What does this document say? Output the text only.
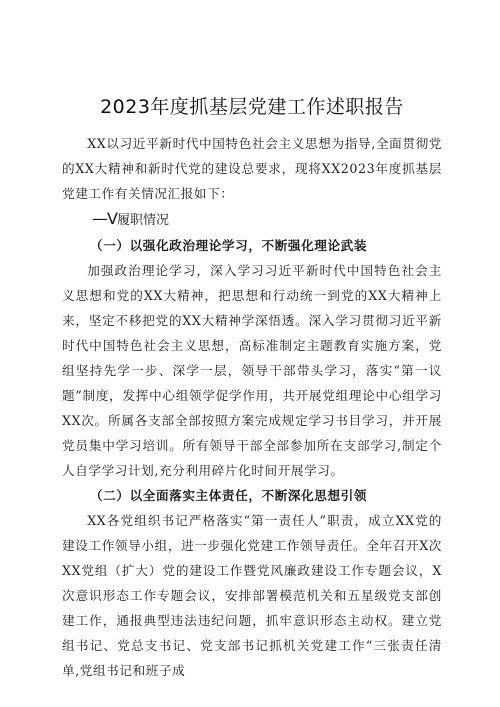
2023年度抓基层党建工作述职报告

XX以习近平新时代中国特色社会主义思想为指导,全面贯彻党的XX大精神和新时代党的建设总要求，现将XX2023年度抓基层党建工作有关情况汇报如下：

—V履职情况

（一）以强化政治理论学习，不断强化理论武装

加强政治理论学习，深入学习习近平新时代中国特色社会主义思想和党的XX大精神，把思想和行动统一到党的XX大精神上来，坚定不移把党的XX大精神学深悟透。深入学习贯彻习近平新时代中国特色社会主义思想，高标准制定主题教育实施方案，党组坚持先学一步、深学一层，领导干部带头学习，落实“第一议题”制度，发挥中心组领学促学作用，共开展党组理论中心组学习XX次。所属各支部全部按照方案完成规定学习书目学习，并开展党员集中学习培训。所有领导干部全部参加所在支部学习,制定个人自学学习计划,充分利用碎片化时间开展学习。

（二）以全面落实主体责任，不断深化思想引领

XX各党组织书记严格落实“第一责任人”职责，成立XX党的建设工作领导小组，进一步强化党建工作领导责任。全年召开X次XX党组（扩大）党的建设工作暨党风廉政建设工作专题会议，X次意识形态工作专题会议，安排部署模范机关和五星级党支部创建工作，通报典型违法违纪问题，抓牢意识形态主动权。建立党组书记、党总支书记、党支部书记抓机关党建工作“三张责任清单,党组书记和班子成
